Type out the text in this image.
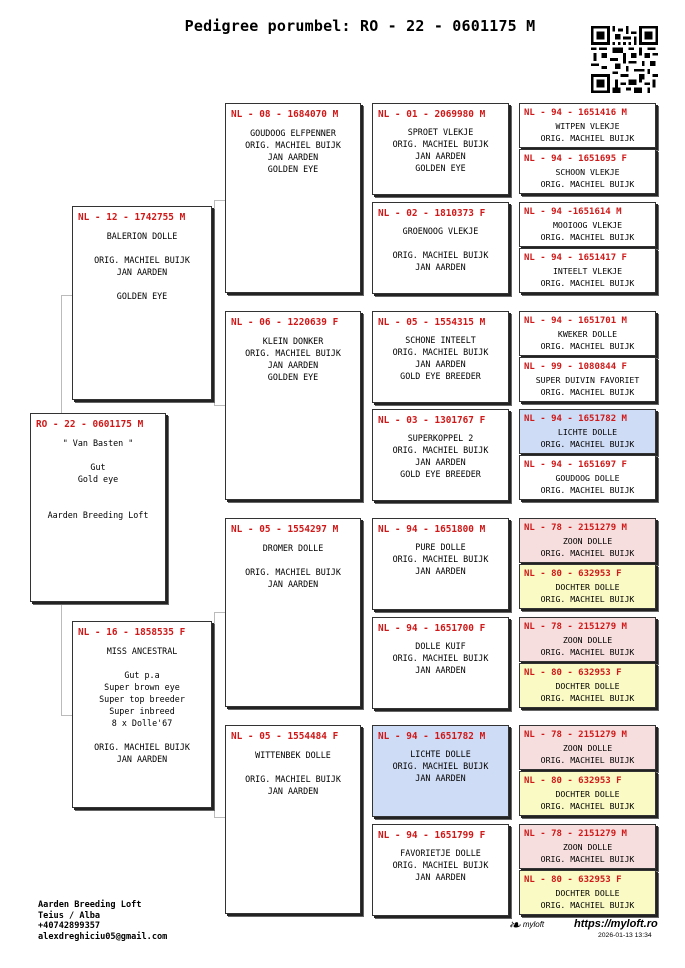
Pedigree porumbel: RO - 22 - 0601175 M
RO - 22 - 0601175 M
" Van Basten "

Gut
Gold eye

Aarden Breeding Loft
NL - 12 - 1742755 M
BALERION DOLLE

ORIG. MACHIEL BUIJK
JAN AARDEN

GOLDEN EYE
NL - 16 - 1858535 F
MISS ANCESTRAL

Gut p.a
Super brown eye
Super top breeder
Super inbreed
8 x Dolle'67

ORIG. MACHIEL BUIJK
JAN AARDEN
NL - 08 - 1684070 M
GOUDOOG ELFPENNER
ORIG. MACHIEL BUIJK
JAN AARDEN
GOLDEN EYE
NL - 06 - 1220639 F
KLEIN DONKER
ORIG. MACHIEL BUIJK
JAN AARDEN
GOLDEN EYE
NL - 05 - 1554297 M
DROMER DOLLE

ORIG. MACHIEL BUIJK
JAN AARDEN
NL - 05 - 1554484 F
WITTENBEK DOLLE

ORIG. MACHIEL BUIJK
JAN AARDEN
NL - 01 - 2069980 M
SPROET VLEKJE
ORIG. MACHIEL BUIJK
JAN AARDEN
GOLDEN EYE
NL - 02 - 1810373 F
GROENOOG VLEKJE

ORIG. MACHIEL BUIJK
JAN AARDEN
NL - 05 - 1554315 M
SCHONE INTEELT
ORIG. MACHIEL BUIJK
JAN AARDEN
GOLD EYE BREEDER
NL - 03 - 1301767 F
SUPERKOPPEL 2
ORIG. MACHIEL BUIJK
JAN AARDEN
GOLD EYE BREEDER
NL - 94 - 1651800 M
PURE DOLLE
ORIG. MACHIEL BUIJK
JAN AARDEN
NL - 94 - 1651700 F
DOLLE KUIF
ORIG. MACHIEL BUIJK
JAN AARDEN
NL - 94 - 1651782 M
LICHTE DOLLE
ORIG. MACHIEL BUIJK
JAN AARDEN
NL - 94 - 1651799 F
FAVORIETJE DOLLE
ORIG. MACHIEL BUIJK
JAN AARDEN
NL - 94 - 1651416 M
WITPEN VLEKJE
ORIG. MACHIEL BUIJK
NL - 94 - 1651695 F
SCHOON VLEKJE
ORIG. MACHIEL BUIJK
NL - 94 -1651614 M
MOOIOOG VLEKJE
ORIG. MACHIEL BUIJK
NL - 94 - 1651417 F
INTEELT VLEKJE
ORIG. MACHIEL BUIJK
NL - 94 - 1651701 M
KWEKER DOLLE
ORIG. MACHIEL BUIJK
NL - 99 - 1080844 F
SUPER DUIVIN FAVORIET
ORIG. MACHIEL BUIJK
NL - 94 - 1651782 M
LICHTE DOLLE
ORIG. MACHIEL BUIJK
NL - 94 - 1651697 F
GOUDOOG DOLLE
ORIG. MACHIEL BUIJK
NL - 78 - 2151279 M
ZOON DOLLE
ORIG. MACHIEL BUIJK
NL - 80 - 632953 F
DOCHTER DOLLE
ORIG. MACHIEL BUIJK
NL - 78 - 2151279 M
ZOON DOLLE
ORIG. MACHIEL BUIJK
NL - 80 - 632953 F
DOCHTER DOLLE
ORIG. MACHIEL BUIJK
NL - 78 - 2151279 M
ZOON DOLLE
ORIG. MACHIEL BUIJK
NL - 80 - 632953 F
DOCHTER DOLLE
ORIG. MACHIEL BUIJK
NL - 78 - 2151279 M
ZOON DOLLE
ORIG. MACHIEL BUIJK
NL - 80 - 632953 F
DOCHTER DOLLE
ORIG. MACHIEL BUIJK
Aarden Breeding Loft
Teius / Alba
+40742899357
alexdreghiciu05@gmail.com
❧ myloft	https://myloft.ro
2026-01-13 13:34
